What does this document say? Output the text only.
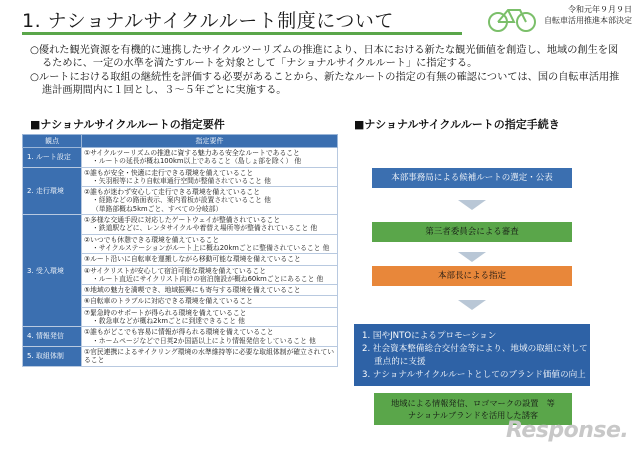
1. ナショナルサイクルルート制度について
令和元年９月９日
自転車活用推進本部決定

○優れた観光資源を有機的に連携したサイクルツーリズムの推進により、日本における新たな観光価値を創造し、地域の創生を図るために、一定の水準を満たすルートを対象として「ナショナルサイクルルート」に指定する。

○ルートにおける取組の継続性を評価する必要があることから、新たなルートの指定の有無の確認については、国の自転車活用推進計画期間内に１回とし、３～５年ごとに実施する。

■ナショナルサイクルルートの指定要件
観点	指定要件
1. ルート設定	①サイクルツーリズムの推進に資する魅力ある安全なルートであること
・ルートの延長が概ね100km以上であること（島しょ部を除く） 他

2. 走行環境	①誰もが安全・快適に走行できる環境を備えていること
・矢羽根等により自転車通行空間が整備されていること 他

	②誰もが迷わず安心して走行できる環境を備えていること
・経路などの路面表示、案内看板が設置されていること 他
（単路部概ね5kmごと、すべての分岐部）

3. 受入環境	①多様な交通手段に対応したゲートウェイが整備されていること
・鉄道駅などに、レンタサイクルや着替え場所等が整備されていること 他

	②いつでも休憩できる環境を備えていること
・サイクルステーションがルート上に概ね20kmごとに整備されていること 他

	③ルート沿いに自転車を運搬しながら移動可能な環境を備えていること

	④サイクリストが安心して宿泊可能な環境を備えていること
・ルート直近にサイクリスト向けの宿泊施設が概ね60kmごとにあること 他

	⑤地域の魅力を満喫でき、地域振興にも寄与する環境を備えていること

	⑥自転車のトラブルに対応できる環境を備えていること

	⑦緊急時のサポートが得られる環境を備えていること
・救急車などが概ね2kmごとに到達できること 他

4. 情報発信	①誰もがどこでも容易に情報が得られる環境を備えていること
・ホームページなどで日英2か国語以上により情報発信をしていること 他

5. 取組体制	①官民連携によるサイクリング環境の水準維持等に必要な取組体制が確立されていること
■ナショナルサイクルルートの指定手続き
本部事務局による候補ルートの選定・公表
第三者委員会による審査
本部長による指定
1. 国やJNTOによるプロモーション
2. 社会資本整備総合交付金等により、地域の取組に対して
重点的に支援
3. ナショナルサイクルルートとしてのブランド価値の向上
地域による情報発信、ロゴマークの設置　等
ナショナルブランドを活用した誘客
Response.
